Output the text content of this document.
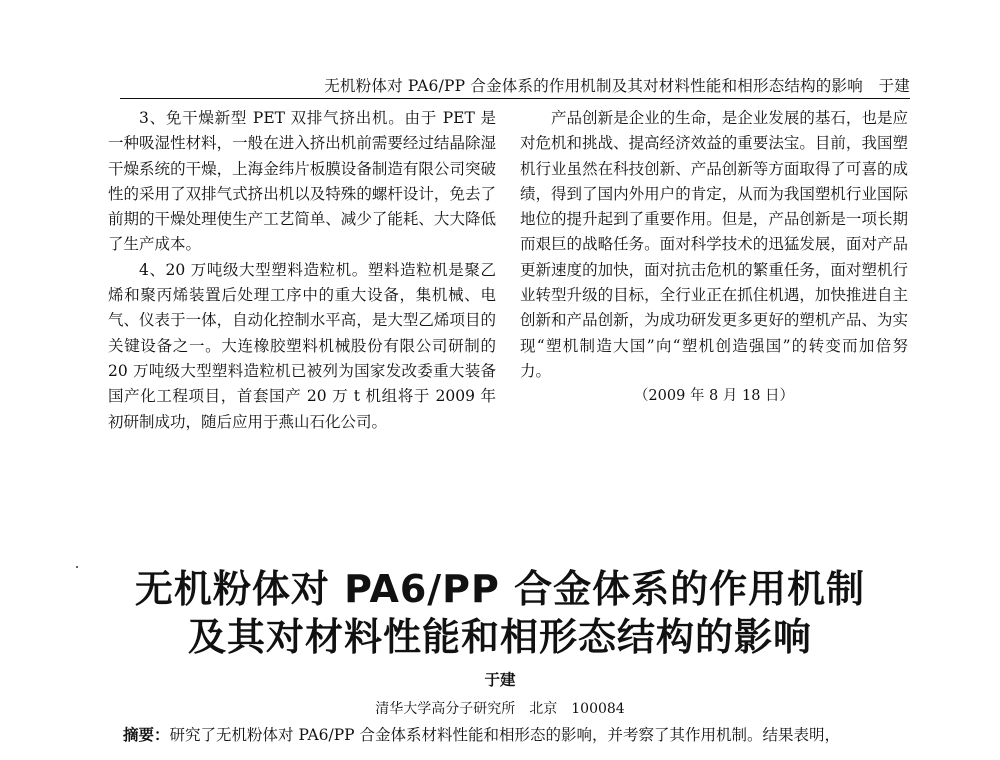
无机粉体对 PA6/PP 合金体系的作用机制及其对材料性能和相形态结构的影响　于建

3、免干燥新型 PET 双排气挤出机。由于 PET 是一种吸湿性材料，一般在进入挤出机前需要经过结晶除湿干燥系统的干燥，上海金纬片板膜设备制造有限公司突破性的采用了双排气式挤出机以及特殊的螺杆设计，免去了前期的干燥处理使生产工艺简单、减少了能耗、大大降低了生产成本。

4、20 万吨级大型塑料造粒机。塑料造粒机是聚乙烯和聚丙烯装置后处理工序中的重大设备，集机械、电气、仪表于一体，自动化控制水平高，是大型乙烯项目的关键设备之一。大连橡胶塑料机械股份有限公司研制的 20 万吨级大型塑料造粒机已被列为国家发改委重大装备国产化工程项目，首套国产 20 万 t 机组将于 2009 年初研制成功，随后应用于燕山石化公司。

产品创新是企业的生命，是企业发展的基石，也是应对危机和挑战、提高经济效益的重要法宝。目前，我国塑机行业虽然在科技创新、产品创新等方面取得了可喜的成绩，得到了国内外用户的肯定，从而为我国塑机行业国际地位的提升起到了重要作用。但是，产品创新是一项长期而艰巨的战略任务。面对科学技术的迅猛发展，面对产品更新速度的加快，面对抗击危机的繁重任务，面对塑机行业转型升级的目标，全行业正在抓住机遇，加快推进自主创新和产品创新，为成功研发更多更好的塑机产品、为实现“塑机制造大国”向“塑机创造强国”的转变而加倍努力。

（2009 年 8 月 18 日）

无机粉体对 PA6/PP 合金体系的作用机制
及其对材料性能和相形态结构的影响
于建
清华大学高分子研究所　北京　100084
摘要：研究了无机粉体对 PA6/PP 合金体系材料性能和相形态的影响，并考察了其作用机制。结果表明，
